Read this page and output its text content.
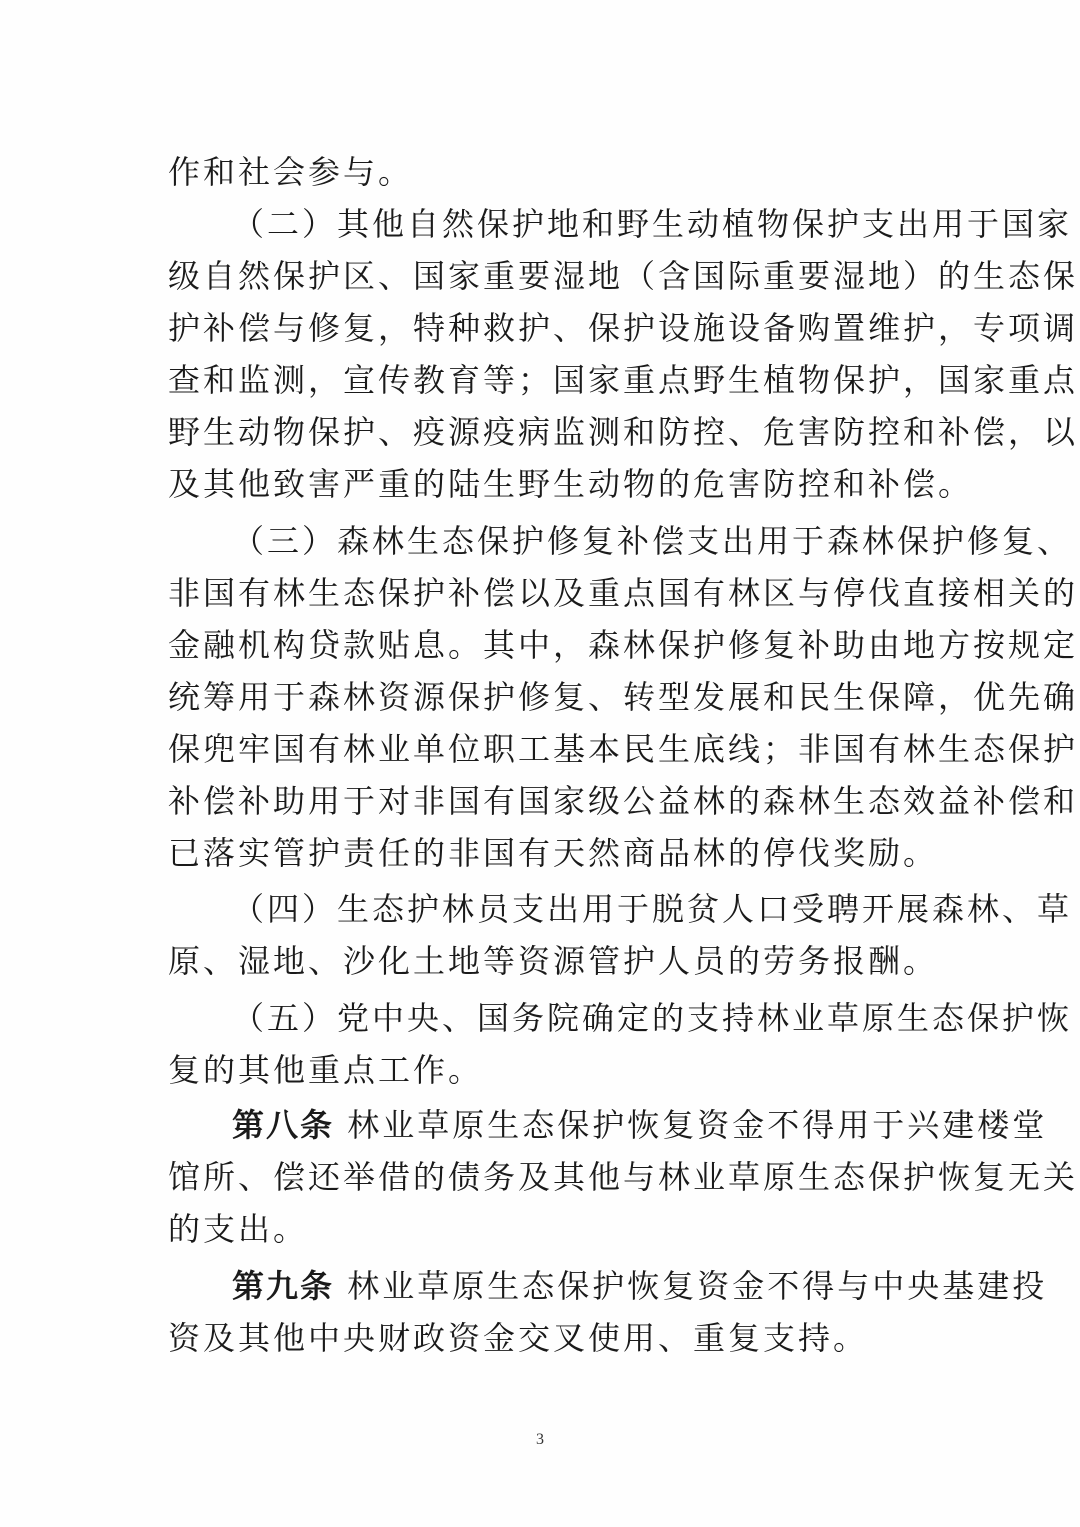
作和社会参与。
（二）其他自然保护地和野生动植物保护支出用于国家
级自然保护区、国家重要湿地（含国际重要湿地）的生态保
护补偿与修复，特种救护、保护设施设备购置维护，专项调
查和监测，宣传教育等；国家重点野生植物保护，国家重点
野生动物保护、疫源疫病监测和防控、危害防控和补偿，以
及其他致害严重的陆生野生动物的危害防控和补偿。
（三）森林生态保护修复补偿支出用于森林保护修复、
非国有林生态保护补偿以及重点国有林区与停伐直接相关的
金融机构贷款贴息。其中，森林保护修复补助由地方按规定
统筹用于森林资源保护修复、转型发展和民生保障，优先确
保兜牢国有林业单位职工基本民生底线；非国有林生态保护
补偿补助用于对非国有国家级公益林的森林生态效益补偿和
已落实管护责任的非国有天然商品林的停伐奖励。
（四）生态护林员支出用于脱贫人口受聘开展森林、草
原、湿地、沙化土地等资源管护人员的劳务报酬。
（五）党中央、国务院确定的支持林业草原生态保护恢
复的其他重点工作。
第八条 林业草原生态保护恢复资金不得用于兴建楼堂
馆所、偿还举借的债务及其他与林业草原生态保护恢复无关
的支出。
第九条 林业草原生态保护恢复资金不得与中央基建投
资及其他中央财政资金交叉使用、重复支持。
3
